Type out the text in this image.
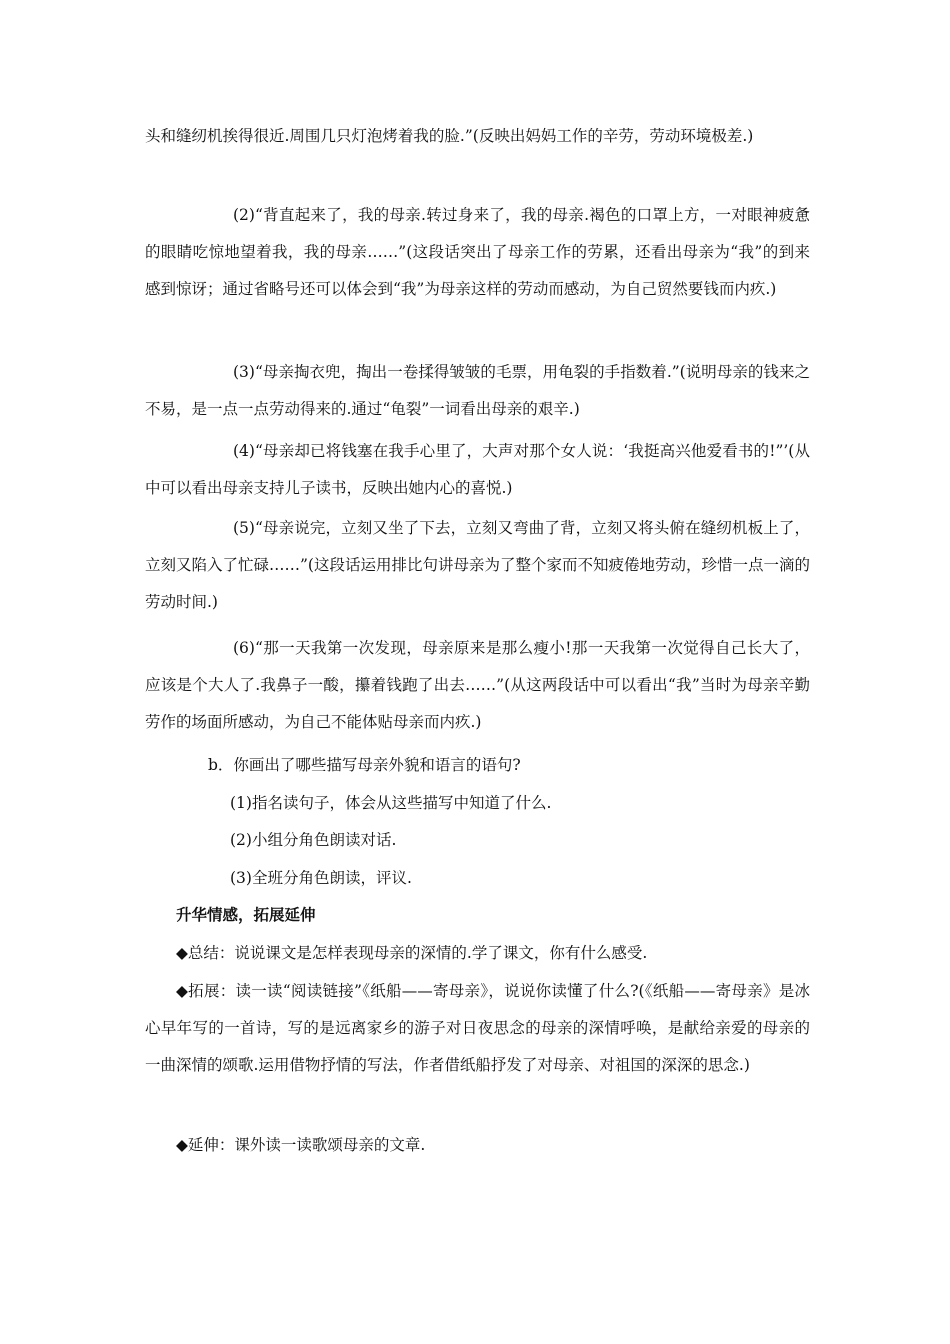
头和缝纫机挨得很近.周围几只灯泡烤着我的脸.”(反映出妈妈工作的辛劳，劳动环境极差.)

(2)“背直起来了，我的母亲.转过身来了，我的母亲.褐色的口罩上方，一对眼神疲惫的眼睛吃惊地望着我，我的母亲……”(这段话突出了母亲工作的劳累，还看出母亲为“我”的到来感到惊讶；通过省略号还可以体会到“我”为母亲这样的劳动而感动，为自己贸然要钱而内疚.)

(3)“母亲掏衣兜，掏出一卷揉得皱皱的毛票，用龟裂的手指数着.”(说明母亲的钱来之不易，是一点一点劳动得来的.通过“龟裂”一词看出母亲的艰辛.)

(4)“母亲却已将钱塞在我手心里了，大声对那个女人说：‘我挺高兴他爱看书的!”’(从中可以看出母亲支持儿子读书，反映出她内心的喜悦.)

(5)“母亲说完，立刻又坐了下去，立刻又弯曲了背，立刻又将头俯在缝纫机板上了，立刻又陷入了忙碌……”(这段话运用排比句讲母亲为了整个家而不知疲倦地劳动，珍惜一点一滴的劳动时间.)

(6)“那一天我第一次发现，母亲原来是那么瘦小!那一天我第一次觉得自己长大了，应该是个大人了.我鼻子一酸，攥着钱跑了出去……”(从这两段话中可以看出“我”当时为母亲辛勤劳作的场面所感动，为自己不能体贴母亲而内疚.)

b．你画出了哪些描写母亲外貌和语言的语句?

(1)指名读句子，体会从这些描写中知道了什么.

(2)小组分角色朗读对话.

(3)全班分角色朗读，评议.

升华情感，拓展延伸

◆总结：说说课文是怎样表现母亲的深情的.学了课文，你有什么感受.

◆拓展：读一读“阅读链接”《纸船——寄母亲》，说说你读懂了什么?(《纸船——寄母亲》是冰心早年写的一首诗，写的是远离家乡的游子对日夜思念的母亲的深情呼唤，是献给亲爱的母亲的一曲深情的颂歌.运用借物抒情的写法，作者借纸船抒发了对母亲、对祖国的深深的思念.)

◆延伸：课外读一读歌颂母亲的文章.
